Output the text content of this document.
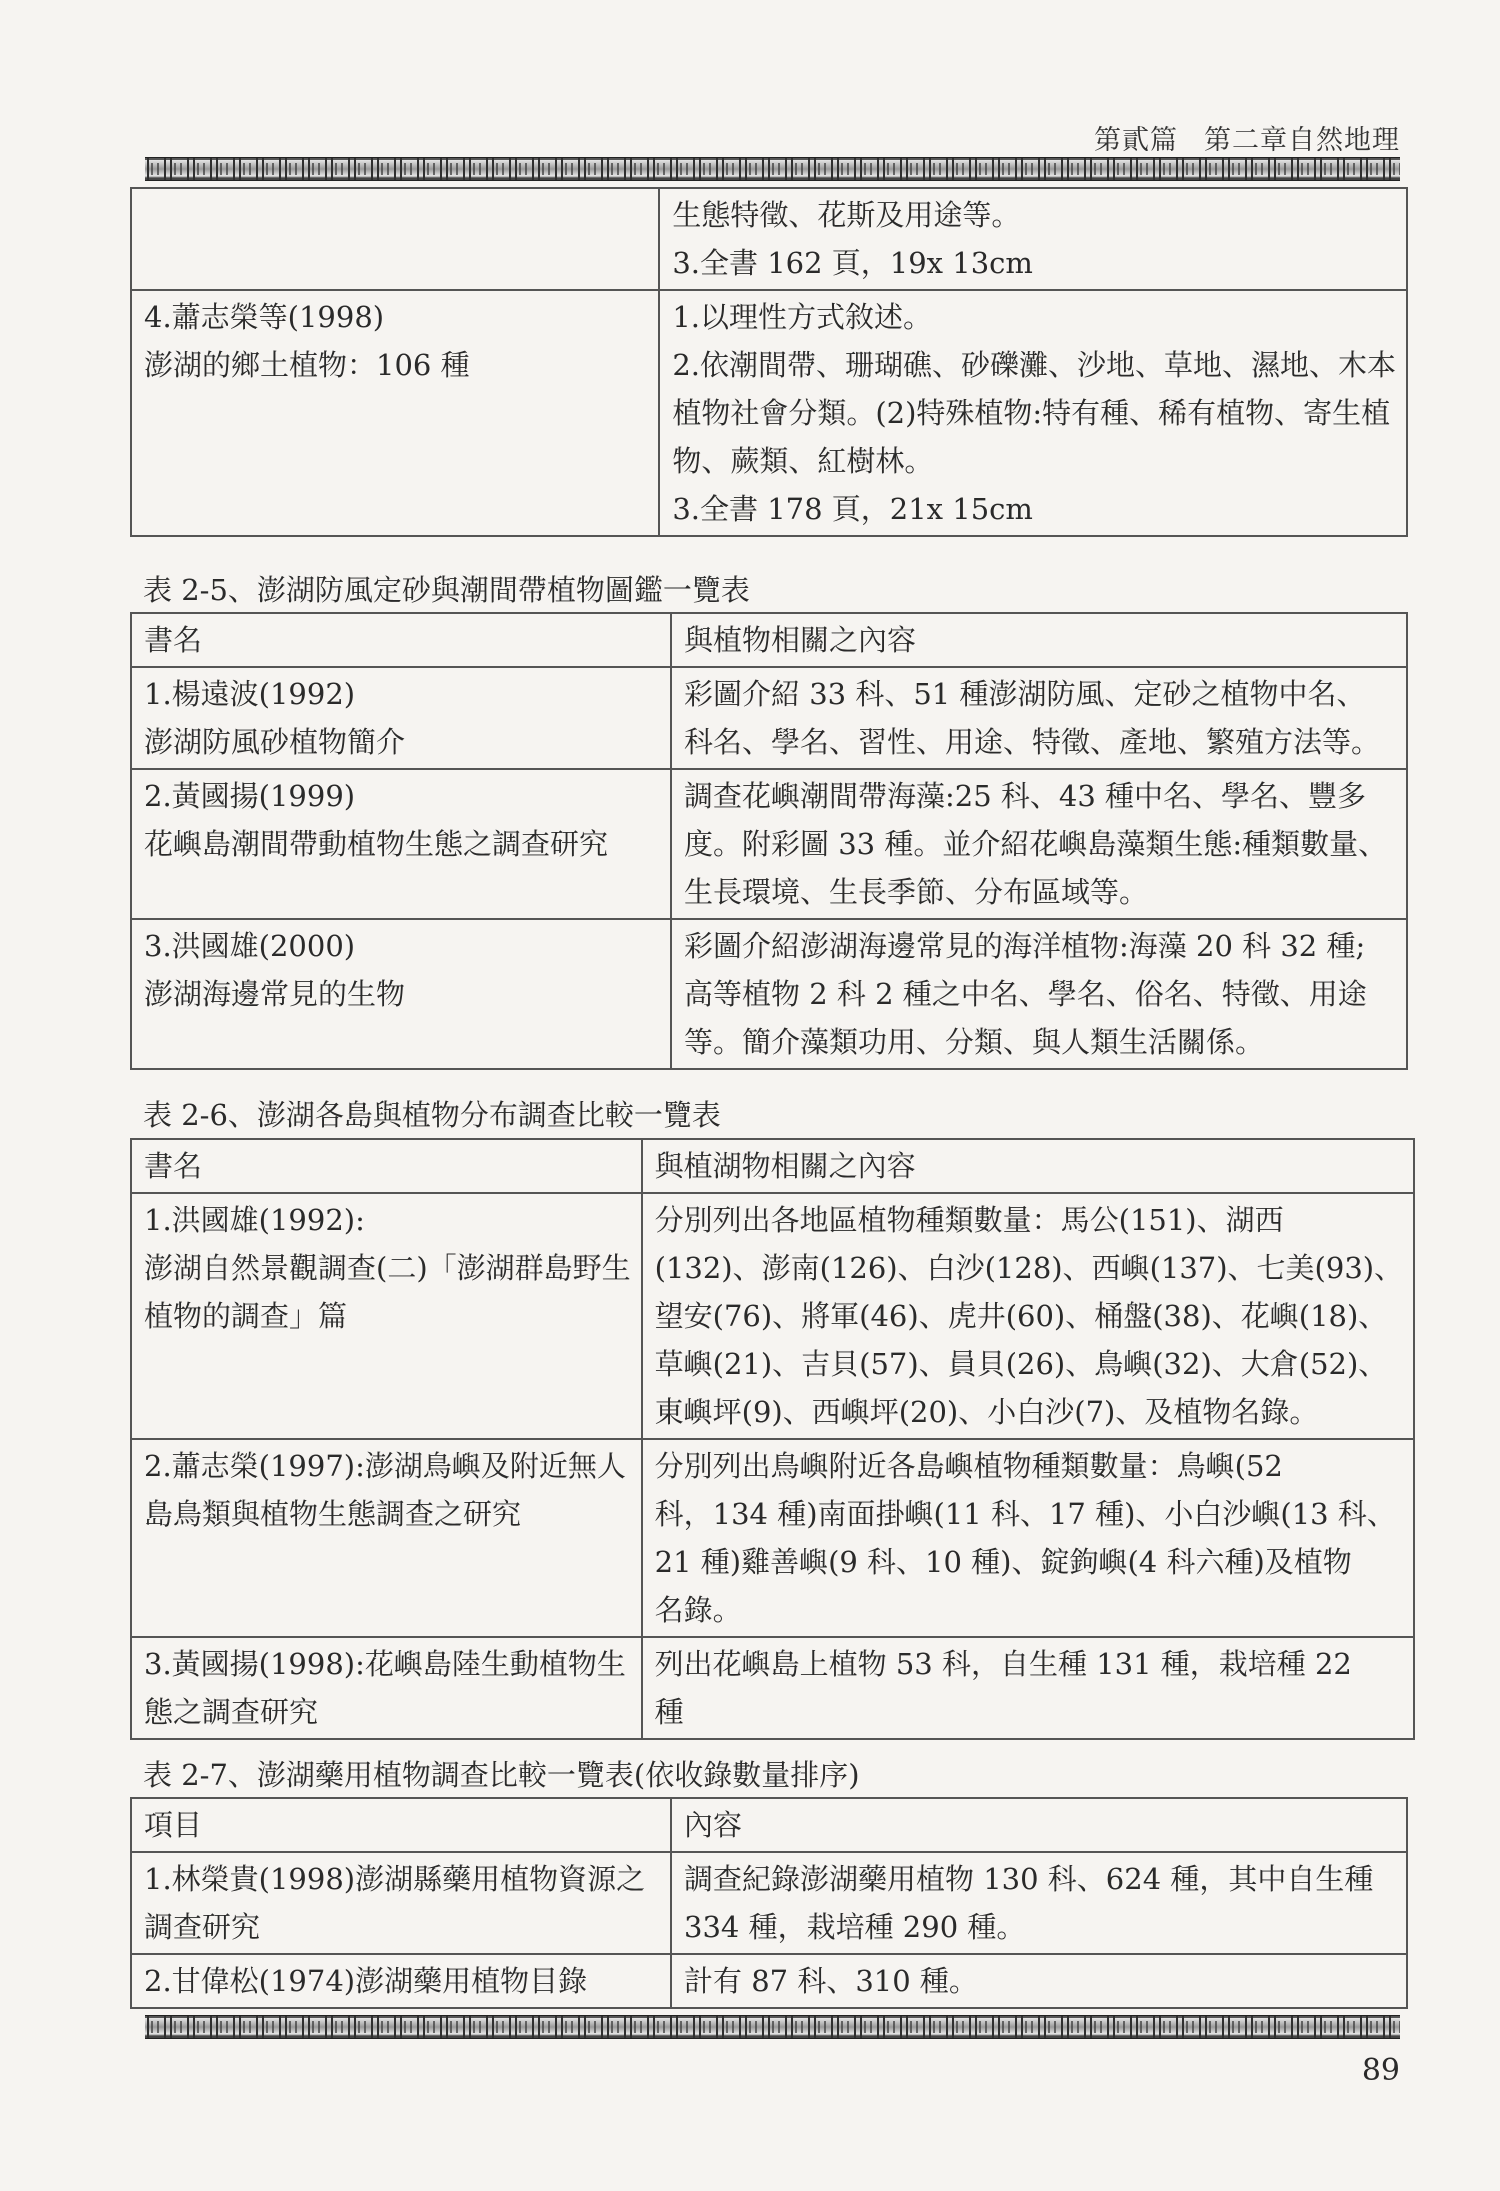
第貳篇 第二章自然地理

	生態特徵、花斯及用途等。
3.全書 162 頁，19x 13cm

4.蕭志榮等(1998)
澎湖的鄉土植物：106 種	1.以理性方式敘述。
2.依潮間帶、珊瑚礁、砂礫灘、沙地、草地、濕地、木本
植物社會分類。(2)特殊植物:特有種、稀有植物、寄生植
物、蕨類、紅樹林。
3.全書 178 頁，21x 15cm
表 2-5、澎湖防風定砂與潮間帶植物圖鑑一覽表
書名	與植物相關之內容

1.楊遠波(1992)
澎湖防風砂植物簡介	彩圖介紹 33 科、51 種澎湖防風、定砂之植物中名、
科名、學名、習性、用途、特徵、產地、繁殖方法等。

2.黃國揚(1999)
花嶼島潮間帶動植物生態之調查研究	調查花嶼潮間帶海藻:25 科、43 種中名、學名、豐多
度。附彩圖 33 種。並介紹花嶼島藻類生態:種類數量、
生長環境、生長季節、分布區域等。

3.洪國雄(2000)
澎湖海邊常見的生物	彩圖介紹澎湖海邊常見的海洋植物:海藻 20 科 32 種;
高等植物 2 科 2 種之中名、學名、俗名、特徵、用途
等。簡介藻類功用、分類、與人類生活關係。
表 2-6、澎湖各島與植物分布調查比較一覽表
書名	與植湖物相關之內容

1.洪國雄(1992):
澎湖自然景觀調查(二)「澎湖群島野生
植物的調查」篇	分別列出各地區植物種類數量：馬公(151)、湖西
(132)、澎南(126)、白沙(128)、西嶼(137)、七美(93)、
望安(76)、將軍(46)、虎井(60)、桶盤(38)、花嶼(18)、
草嶼(21)、吉貝(57)、員貝(26)、鳥嶼(32)、大倉(52)、
東嶼坪(9)、西嶼坪(20)、小白沙(7)、及植物名錄。

2.蕭志榮(1997):澎湖鳥嶼及附近無人
島鳥類與植物生態調查之研究	分別列出鳥嶼附近各島嶼植物種類數量：鳥嶼(52
科，134 種)南面掛嶼(11 科、17 種)、小白沙嶼(13 科、
21 種)雞善嶼(9 科、10 種)、錠鉤嶼(4 科六種)及植物
名錄。

3.黃國揚(1998):花嶼島陸生動植物生
態之調查研究	列出花嶼島上植物 53 科，自生種 131 種，栽培種 22
種
表 2-7、澎湖藥用植物調查比較一覽表(依收錄數量排序)
項目	內容

1.林榮貴(1998)澎湖縣藥用植物資源之
調查研究	調查紀錄澎湖藥用植物 130 科、624 種，其中自生種
334 種，栽培種 290 種。

2.甘偉松(1974)澎湖藥用植物目錄	計有 87 科、310 種。
89
